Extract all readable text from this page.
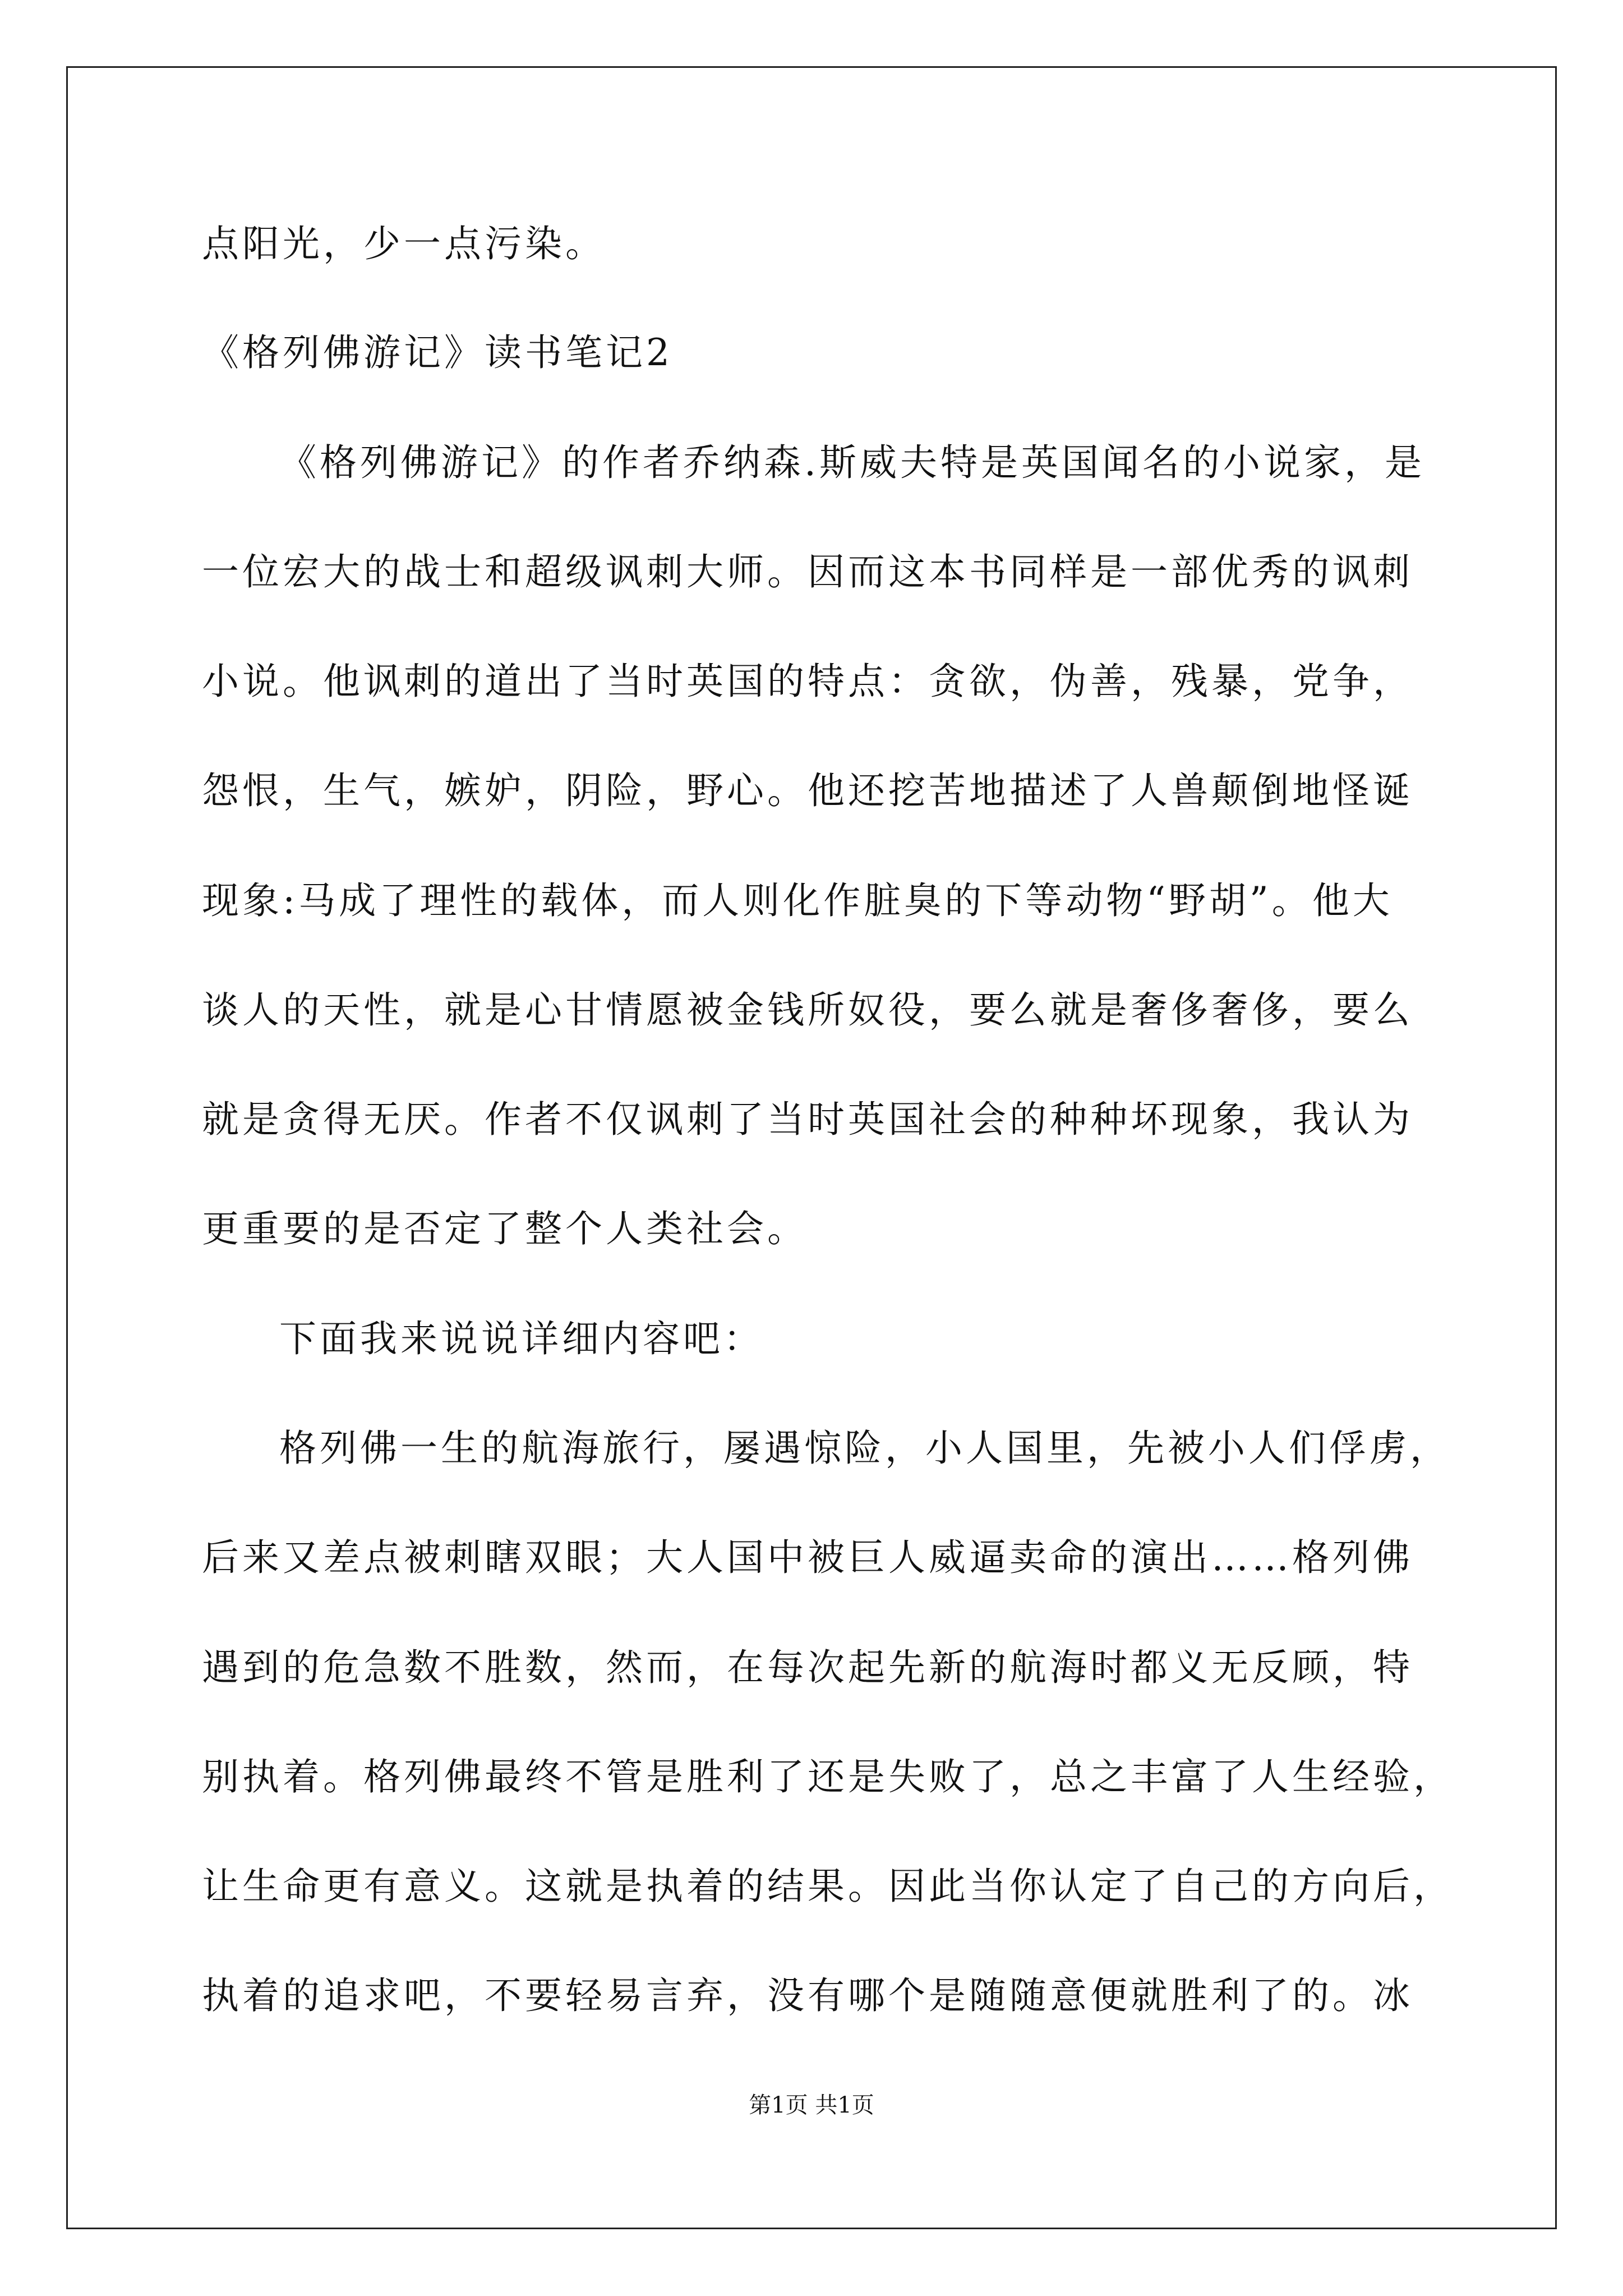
点阳光，少一点污染。
《格列佛游记》读书笔记2
《格列佛游记》的作者乔纳森.斯威夫特是英国闻名的小说家，是
一位宏大的战士和超级讽刺大师。因而这本书同样是一部优秀的讽刺
小说。他讽刺的道出了当时英国的特点：贪欲，伪善，残暴，党争，
怨恨，生气，嫉妒，阴险，野心。他还挖苦地描述了人兽颠倒地怪诞
现象:马成了理性的载体，而人则化作脏臭的下等动物“野胡”。他大
谈人的天性，就是心甘情愿被金钱所奴役，要么就是奢侈奢侈，要么
就是贪得无厌。作者不仅讽刺了当时英国社会的种种坏现象，我认为
更重要的是否定了整个人类社会。
下面我来说说详细内容吧：
格列佛一生的航海旅行，屡遇惊险，小人国里，先被小人们俘虏，
后来又差点被刺瞎双眼；大人国中被巨人威逼卖命的演出……格列佛
遇到的危急数不胜数，然而，在每次起先新的航海时都义无反顾，特
别执着。格列佛最终不管是胜利了还是失败了，总之丰富了人生经验，
让生命更有意义。这就是执着的结果。因此当你认定了自己的方向后，
执着的追求吧，不要轻易言弃，没有哪个是随随意便就胜利了的。冰
第1页 共1页
